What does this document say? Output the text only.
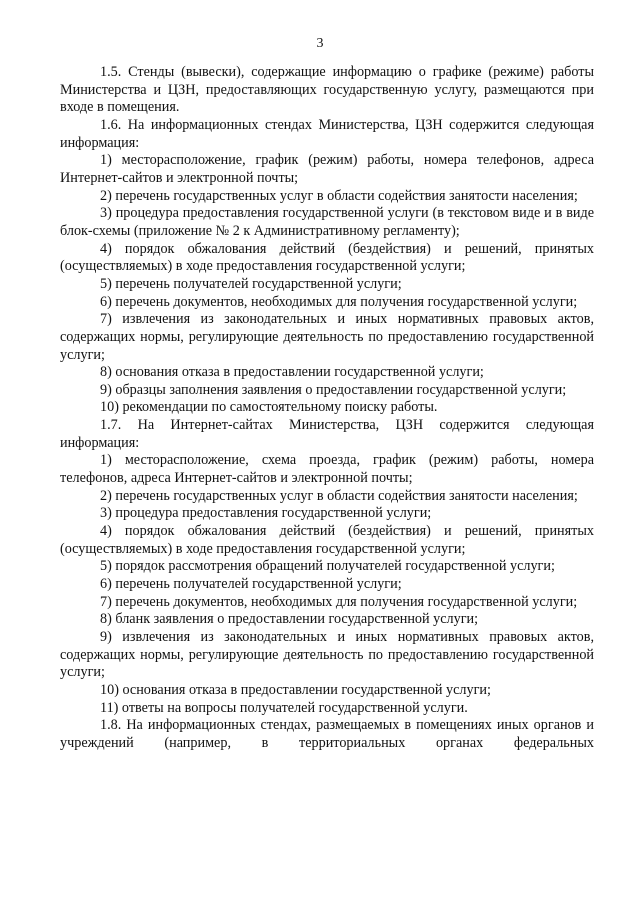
3

1.5. Стенды (вывески), содержащие информацию о графике (режиме) работы Министерства и ЦЗН, предоставляющих государственную услугу, размещаются при входе в помещения.

1.6. На информационных стендах Министерства, ЦЗН содержится следующая информация:

1) месторасположение, график (режим) работы, номера телефонов, адреса Интернет-сайтов и электронной почты;

2) перечень государственных услуг в области содействия занятости населения;

3) процедура предоставления государственной услуги (в текстовом виде и в виде блок-схемы (приложение № 2 к Административному регламенту);

4) порядок обжалования действий (бездействия) и решений, принятых (осуществляемых) в ходе предоставления государственной услуги;

5) перечень получателей государственной услуги;

6) перечень документов, необходимых для получения государственной услуги;

7) извлечения из законодательных и иных нормативных правовых актов, содержащих нормы, регулирующие деятельность по предоставлению государственной услуги;

8) основания отказа в предоставлении государственной услуги;

9) образцы заполнения заявления о предоставлении государственной услуги;

10) рекомендации по самостоятельному поиску работы.

1.7. На Интернет-сайтах Министерства, ЦЗН содержится следующая информация:

1) месторасположение, схема проезда, график (режим) работы, номера телефонов, адреса Интернет-сайтов и электронной почты;

2) перечень государственных услуг в области содействия занятости населения;

3) процедура предоставления государственной услуги;

4) порядок обжалования действий (бездействия) и решений, принятых (осуществляемых) в ходе предоставления государственной услуги;

5) порядок рассмотрения обращений получателей государственной услуги;

6) перечень получателей государственной услуги;

7) перечень документов, необходимых для получения государственной услуги;

8) бланк заявления о предоставлении государственной услуги;

9) извлечения из законодательных и иных нормативных правовых актов, содержащих нормы, регулирующие деятельность по предоставлению государственной услуги;

10) основания отказа в предоставлении государственной услуги;

11) ответы на вопросы получателей государственной услуги.

1.8. На информационных стендах, размещаемых в помещениях иных органов и учреждений (например, в территориальных органах федеральных
